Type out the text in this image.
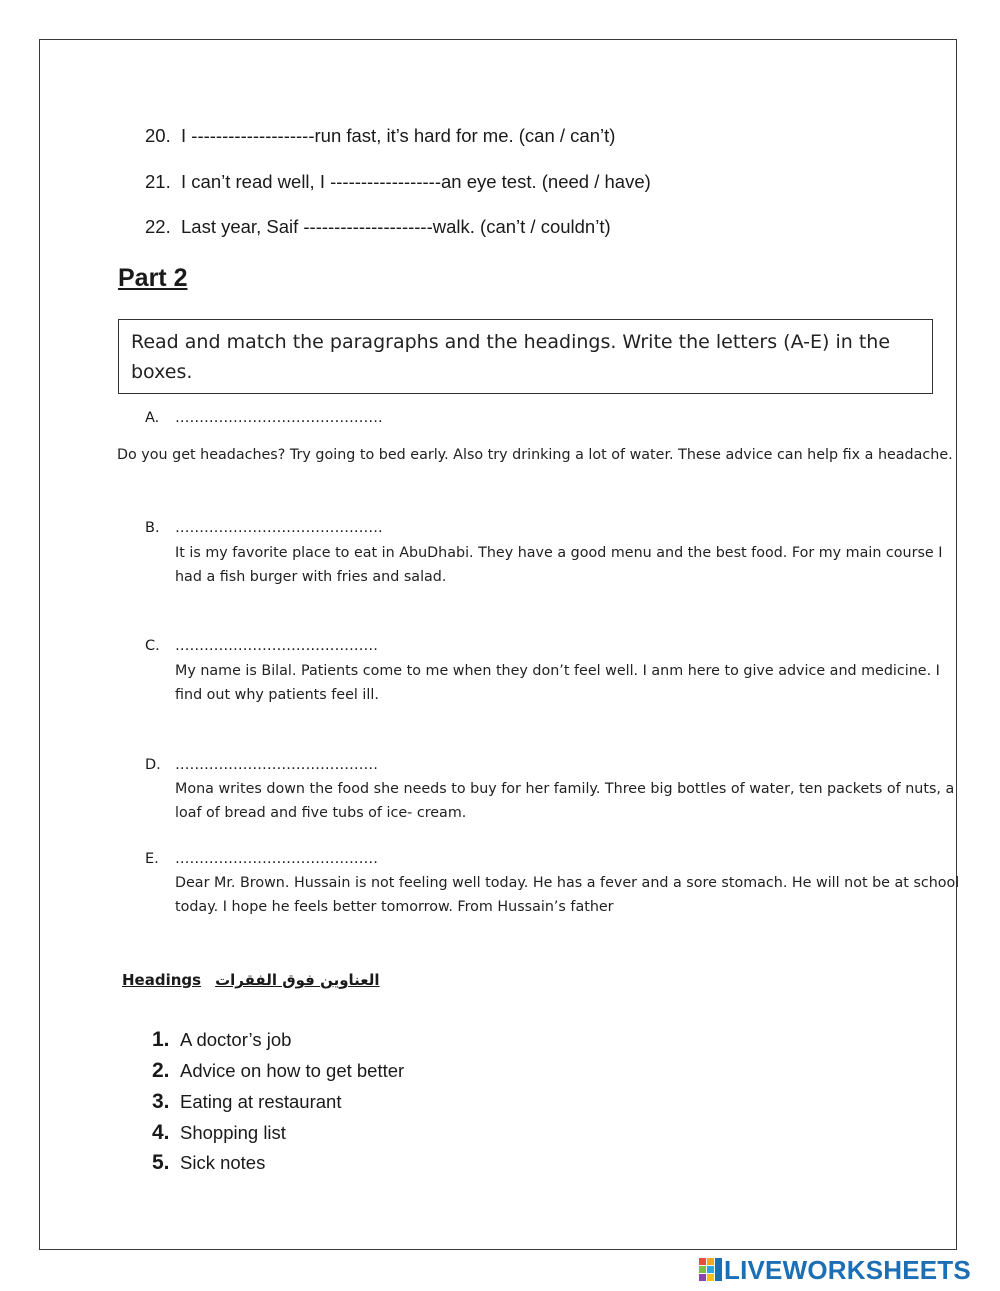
20. I --------------------run fast, it’s hard for me. (can / can’t)
21. I can’t read well, I ------------------an eye test. (need / have)
22. Last year, Saif ---------------------walk. (can’t / couldn’t)
Part 2
Read and match the paragraphs and the headings. Write the letters (A-E) in the boxes.
A. …………………………………….
Do you get headaches? Try going to bed early. Also try drinking a lot of water. These advice can help fix a headache.
B. …………………………………….
It is my favorite place to eat in AbuDhabi. They have a good menu and the best food. For my main course I had a fish burger with fries and salad.
C. ……………………………………
My name is Bilal. Patients come to me when they don’t feel well. I anm here to give advice and medicine. I find out why patients feel ill.
D. ……………………………………
Mona writes down the food she needs to buy for her family. Three big bottles of water, ten packets of nuts, a loaf of bread and five tubs of ice- cream.
E. ……………………………………
Dear Mr. Brown. Hussain is not feeling well today. He has a fever and a sore stomach. He will not be at school today. I hope he feels better tomorrow. From Hussain’s father
Headings العناوين فوق الفقرات
1. A doctor’s job
2. Advice on how to get better
3. Eating at restaurant
4. Shopping list
5. Sick notes
LIVEWORKSHEETS
